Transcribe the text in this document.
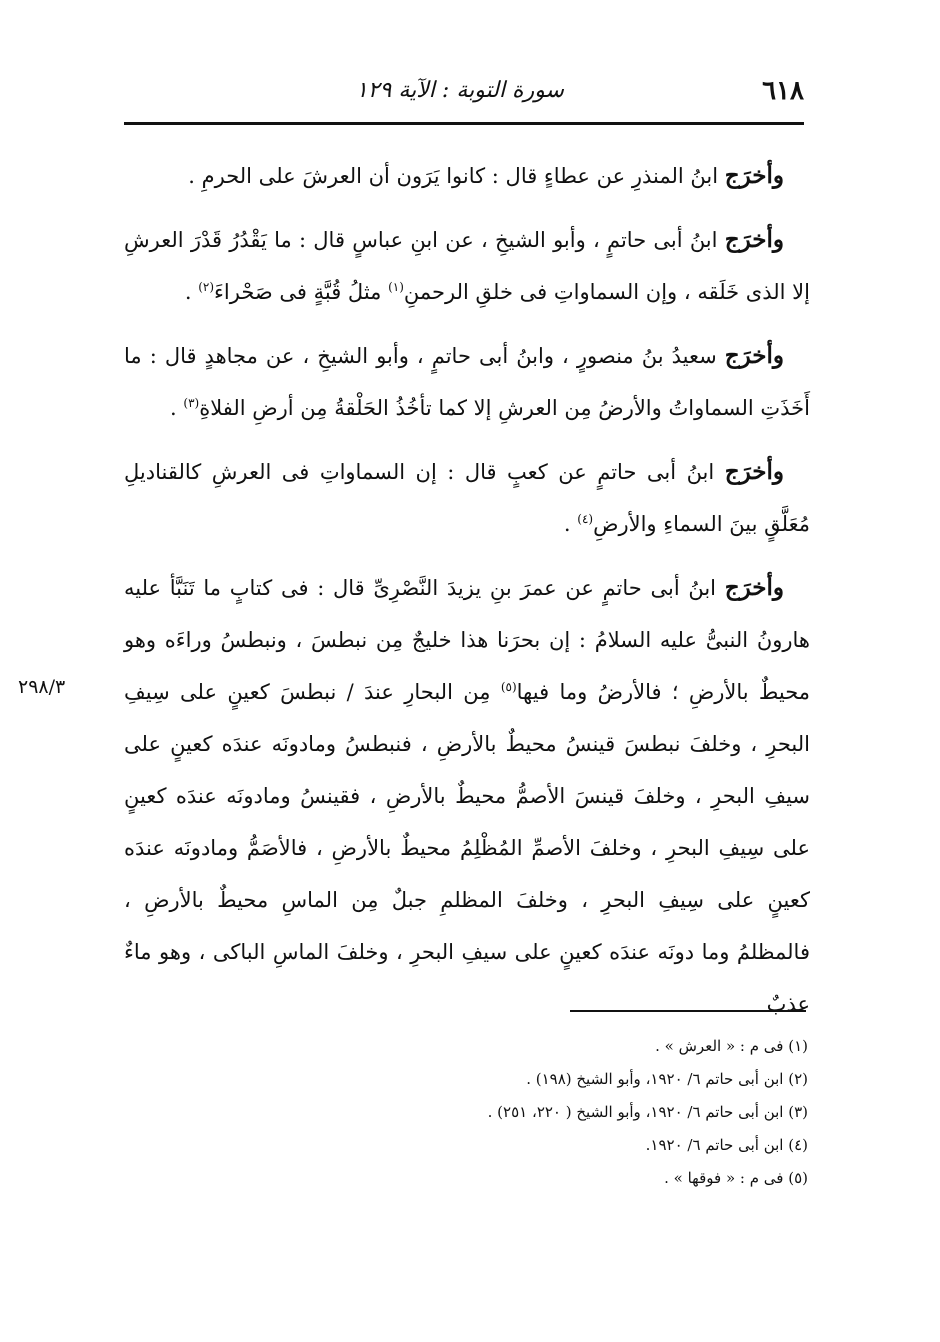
٦١٨
سورة التوبة : الآية ١٢٩
٢٩٨/٣

وأخرَج ابنُ المنذرِ عن عطاءٍ قال : كانوا يَرَون أن العرشَ على الحرمِ .

وأخرَج ابنُ أبى حاتمٍ ، وأبو الشيخِ ، عن ابنِ عباسٍ قال : ما يَقْدُرُ قَدْرَ العرشِ إلا الذى خَلَقه ، وإن السماواتِ فى خلقِ الرحمنِ$^{(١)}$ مثلُ قُبَّةٍ فى صَحْراءَ$^{(٢)}$ .

وأخرَج سعيدُ بنُ منصورٍ ، وابنُ أبى حاتمٍ ، وأبو الشيخِ ، عن مجاهدٍ قال : ما أَخَذَتِ السماواتُ والأرضُ مِن العرشِ إلا كما تأخُذُ الحَلْقةُ مِن أرضِ الفلاةِ$^{(٣)}$ .

وأخرَج ابنُ أبى حاتمٍ عن كعبٍ قال : إن السماواتِ فى العرشِ كالقناديلِ مُعَلَّقٍ بينَ السماءِ والأرضِ$^{(٤)}$ .

وأخرَج ابنُ أبى حاتمٍ عن عمرَ بنِ يزيدَ النَّصْرِىِّ قال : فى كتابٍ ما تَنَبَّأ عليه هارونُ النبىُّ عليه السلامُ : إن بحرَنا هذا خليجٌ مِن نبطسَ ، ونبطسُ وراءَه وهو محيطٌ بالأرضِ ؛ فالأرضُ وما فيها$^{(٥)}$ مِن البحارِ عندَ / نبطسَ كعينٍ على سِيفِ البحرِ ، وخلفَ نبطسَ قينسُ محيطٌ بالأرضِ ، فنبطسُ ومادونَه عندَه كعينٍ على سيفِ البحرِ ، وخلفَ قينسَ الأصمُّ محيطٌ بالأرضِ ، فقينسُ ومادونَه عندَه كعينٍ على سِيفِ البحرِ ، وخلفَ الأصمِّ المُظْلِمُ محيطٌ بالأرضِ ، فالأصَمُّ ومادونَه عندَه كعينٍ على سِيفِ البحرِ ، وخلفَ المظلمِ جبلٌ مِن الماسِ محيطٌ بالأرضِ ، فالمظلمُ وما دونَه عندَه كعينٍ على سيفِ البحرِ ، وخلفَ الماسِ الباكى ، وهو ماءٌ عذبٌ

(١) فى م : « العرش » .

(٢) ابن أبى حاتم ٦/ ١٩٢٠، وأبو الشيخ (١٩٨) .

(٣) ابن أبى حاتم ٦/ ١٩٢٠، وأبو الشيخ ( ٢٢٠، ٢٥١) .

(٤) ابن أبى حاتم ٦/ ١٩٢٠.

(٥) فى م : « فوقها » .
